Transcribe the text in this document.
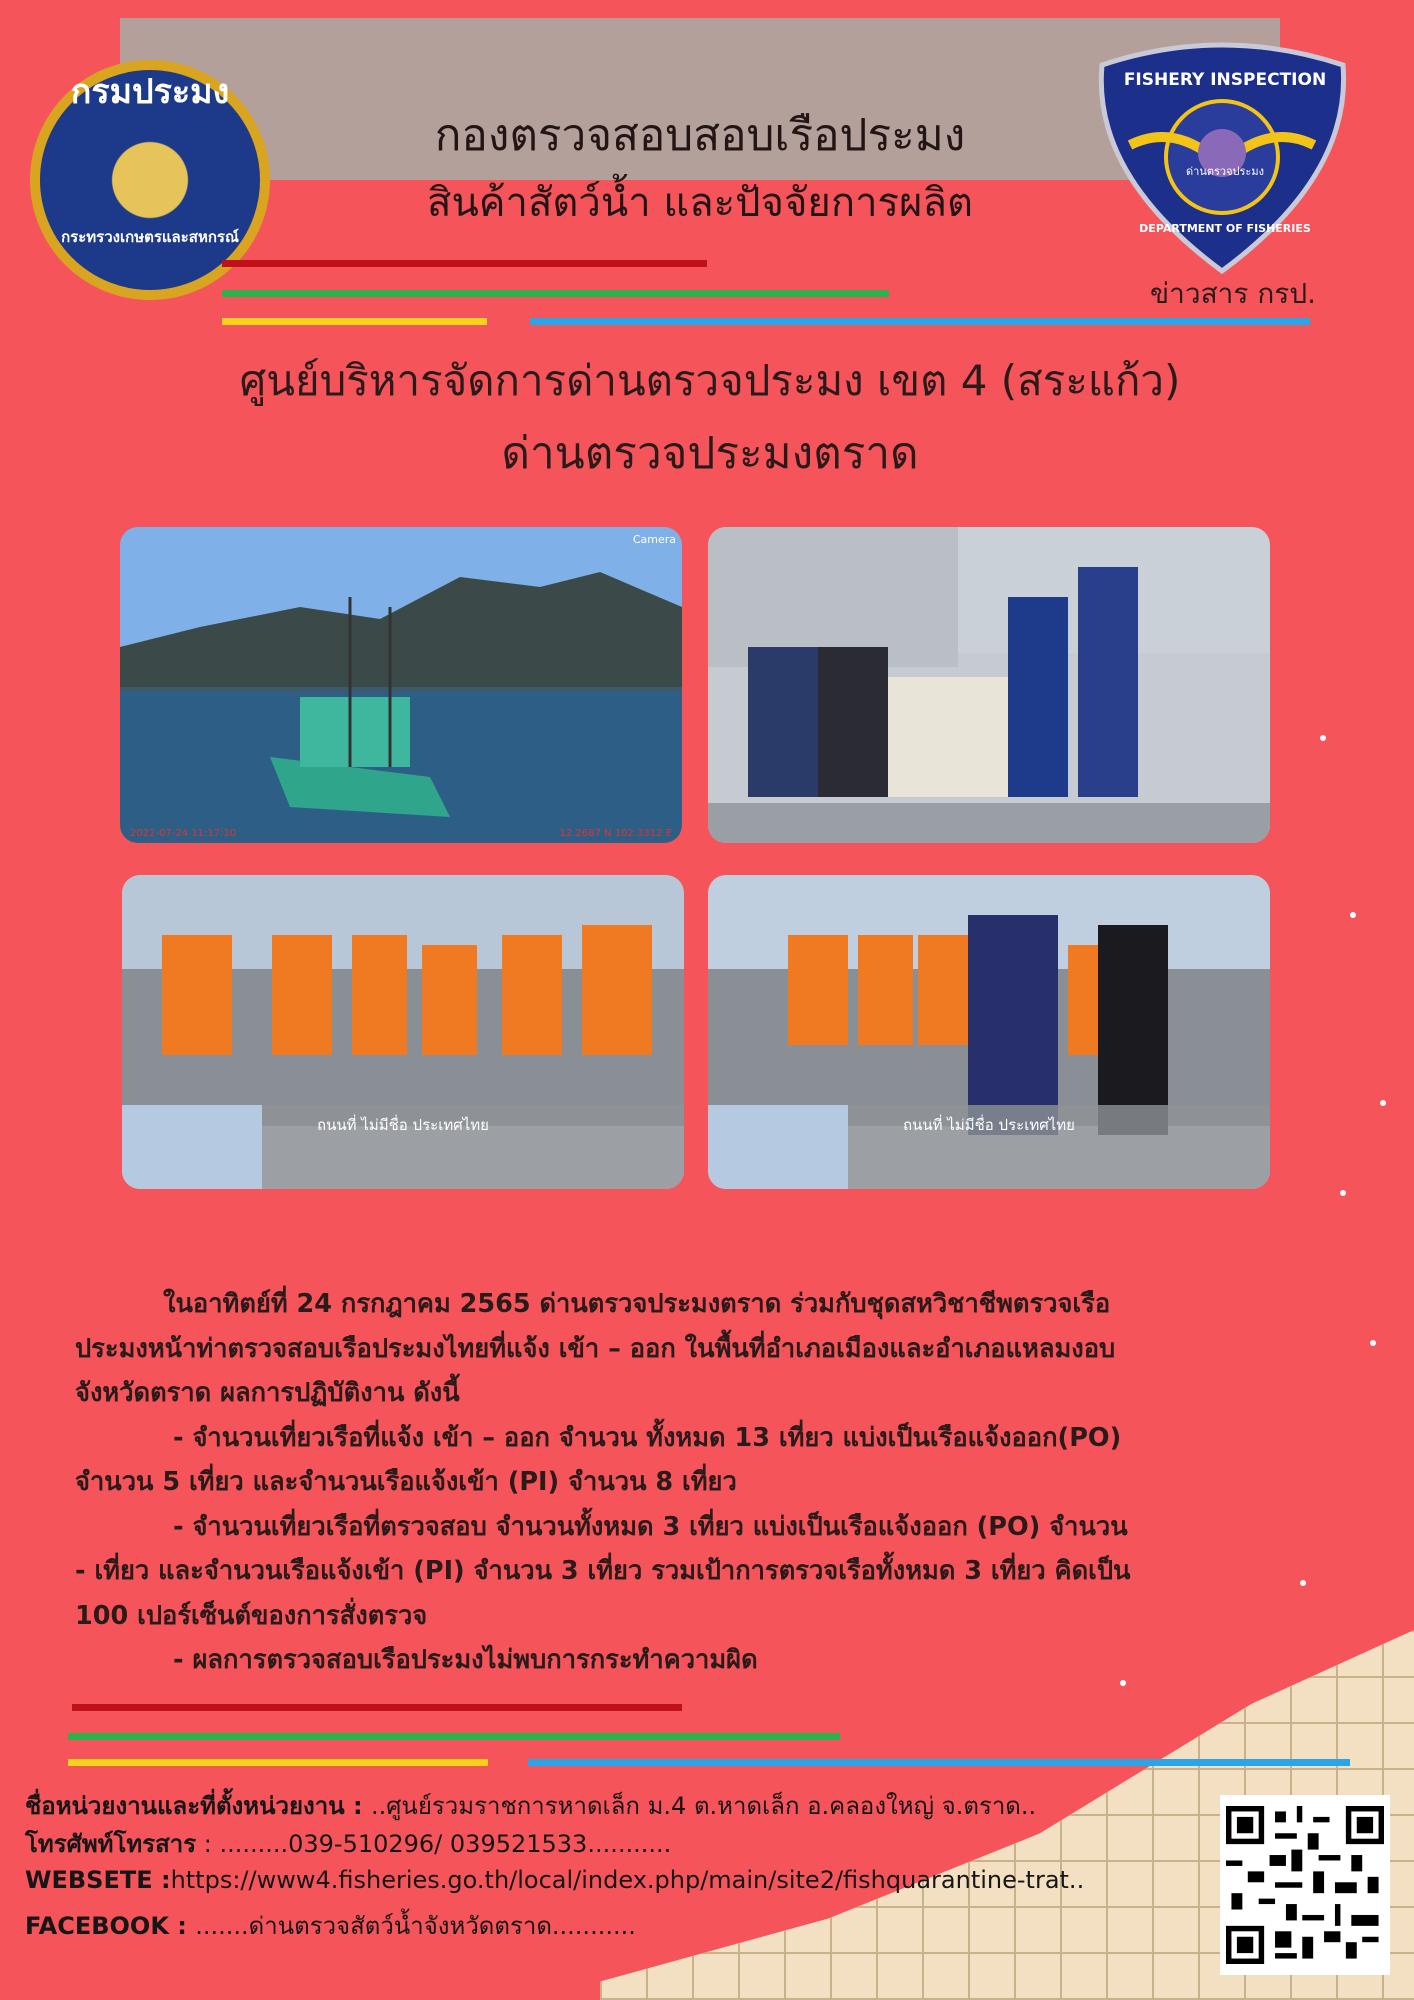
กรมประมง
กระทรวงเกษตรและสหกรณ์
FISHERY INSPECTION
DEPARTMENT OF FISHERIES
ด่านตรวจประมง
กองตรวจสอบสอบเรือประมง
สินค้าสัตว์น้ำ และปัจจัยการผลิต
ข่าวสาร กรป.
ศูนย์บริหารจัดการด่านตรวจประมง เขต 4 (สระแก้ว)
ด่านตรวจประมงตราด
2022-07-24 11:17:10	12.2687 N 102.3312 E
Camera
ถนนที่ ไม่มีชื่อ ประเทศไทย	ถนนที่ ไม่มีชื่อ ประเทศไทย
ในอาทิตย์ที่ 24 กรกฎาคม 2565 ด่านตรวจประมงตราด ร่วมกับชุดสหวิชาชีพตรวจเรือ
ประมงหน้าท่าตรวจสอบเรือประมงไทยที่แจ้ง เข้า – ออก ในพื้นที่อำเภอเมืองและอำเภอแหลมงอบ
จังหวัดตราด ผลการปฏิบัติงาน ดังนี้
- จำนวนเที่ยวเรือที่แจ้ง เข้า – ออก จำนวน ทั้งหมด 13 เที่ยว แบ่งเป็นเรือแจ้งออก(PO)
จำนวน 5 เที่ยว และจำนวนเรือแจ้งเข้า (PI) จำนวน 8 เที่ยว
- จำนวนเที่ยวเรือที่ตรวจสอบ จำนวนทั้งหมด 3 เที่ยว แบ่งเป็นเรือแจ้งออก (PO) จำนวน
- เที่ยว และจำนวนเรือแจ้งเข้า (PI) จำนวน 3 เที่ยว รวมเป้าการตรวจเรือทั้งหมด 3 เที่ยว คิดเป็น
100 เปอร์เซ็นต์ของการสั่งตรวจ
- ผลการตรวจสอบเรือประมงไม่พบการกระทำความผิด
ชื่อหน่วยงานและที่ตั้งหน่วยงาน : ..ศูนย์รวมราชการหาดเล็ก ม.4 ต.หาดเล็ก อ.คลองใหญ่ จ.ตราด..
โทรศัพท์โทรสาร : .........039-510296/ 039521533...........
WEBSETE :https://www4.fisheries.go.th/local/index.php/main/site2/fishquarantine-trat..
FACEBOOK : .......ด่านตรวจสัตว์น้ำจังหวัดตราด...........
